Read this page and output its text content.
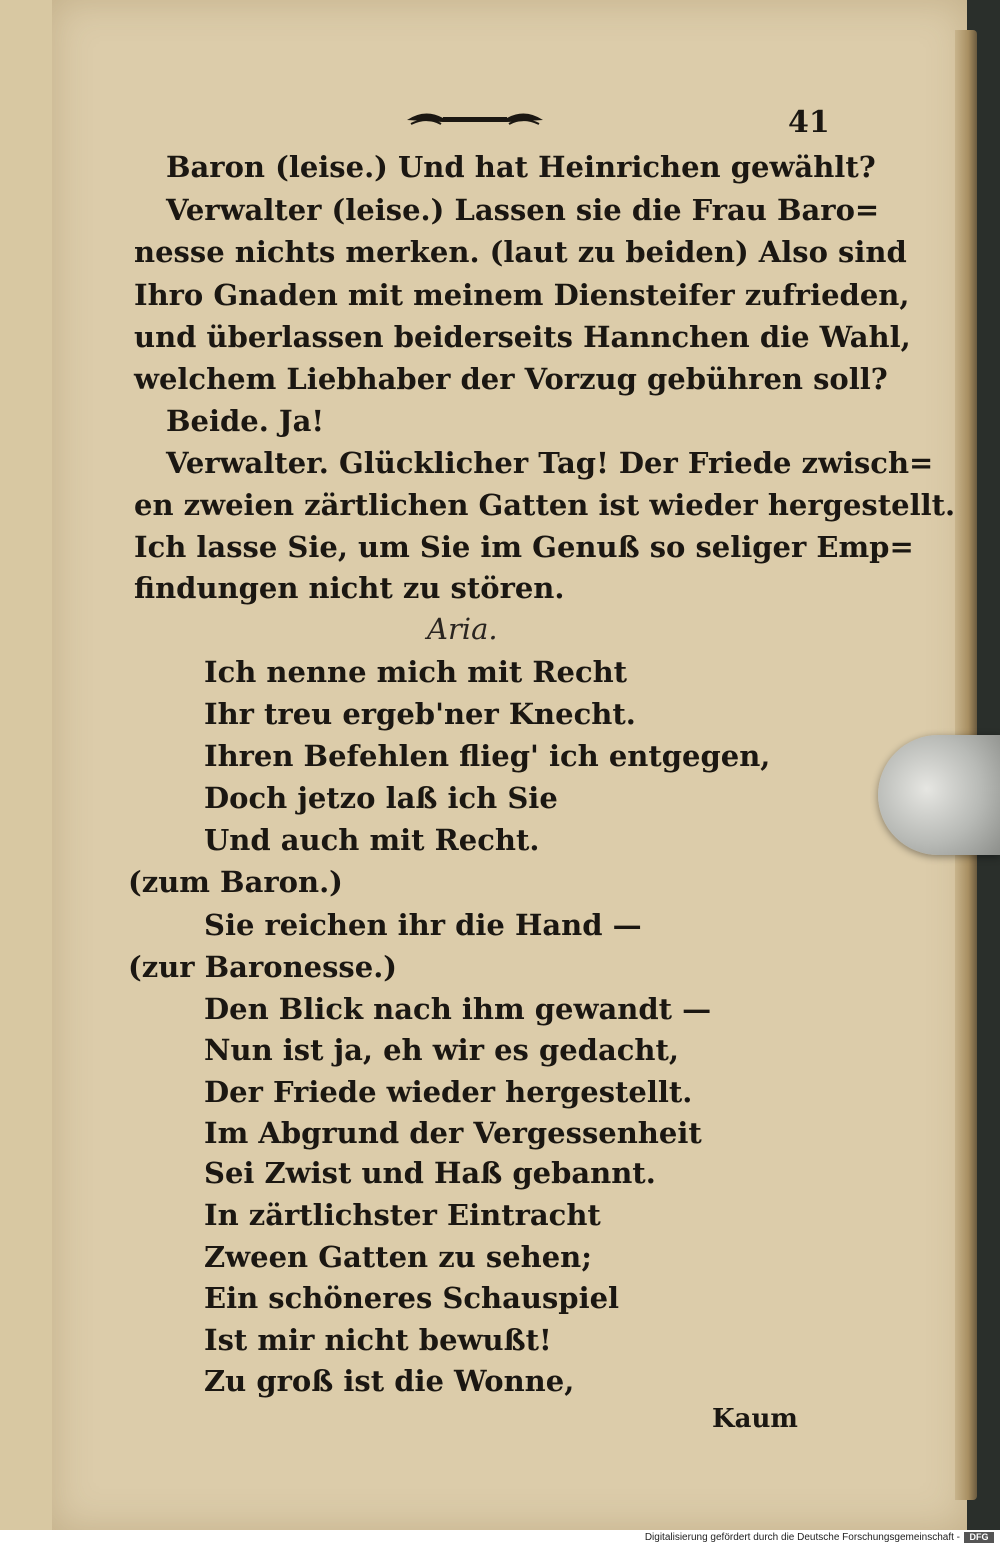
41
Baron (leise.) Und hat Heinrichen gewählt?
Verwalter (leise.) Lassen sie die Frau Baro=
nesse nichts merken. (laut zu beiden) Also sind
Ihro Gnaden mit meinem Diensteifer zufrieden,
und überlassen beiderseits Hannchen die Wahl,
welchem Liebhaber der Vorzug gebühren soll?
Beide. Ja!
Verwalter. Glücklicher Tag! Der Friede zwisch=
en zweien zärtlichen Gatten ist wieder hergestellt.
Ich lasse Sie, um Sie im Genuß so seliger Emp=
findungen nicht zu stören.
Aria.
Ich nenne mich mit Recht
Ihr treu ergeb'ner Knecht.
Ihren Befehlen flieg' ich entgegen,
Doch jetzo laß ich Sie
Und auch mit Recht.
(zum Baron.)
Sie reichen ihr die Hand —
(zur Baronesse.)
Den Blick nach ihm gewandt —
Nun ist ja, eh wir es gedacht,
Der Friede wieder hergestellt.
Im Abgrund der Vergessenheit
Sei Zwist und Haß gebannt.
In zärtlichster Eintracht
Zween Gatten zu sehen;
Ein schöneres Schauspiel
Ist mir nicht bewußt!
Zu groß ist die Wonne,
Kaum
Digitalisierung gefördert durch die Deutsche Forschungsgemeinschaft -	DFG
